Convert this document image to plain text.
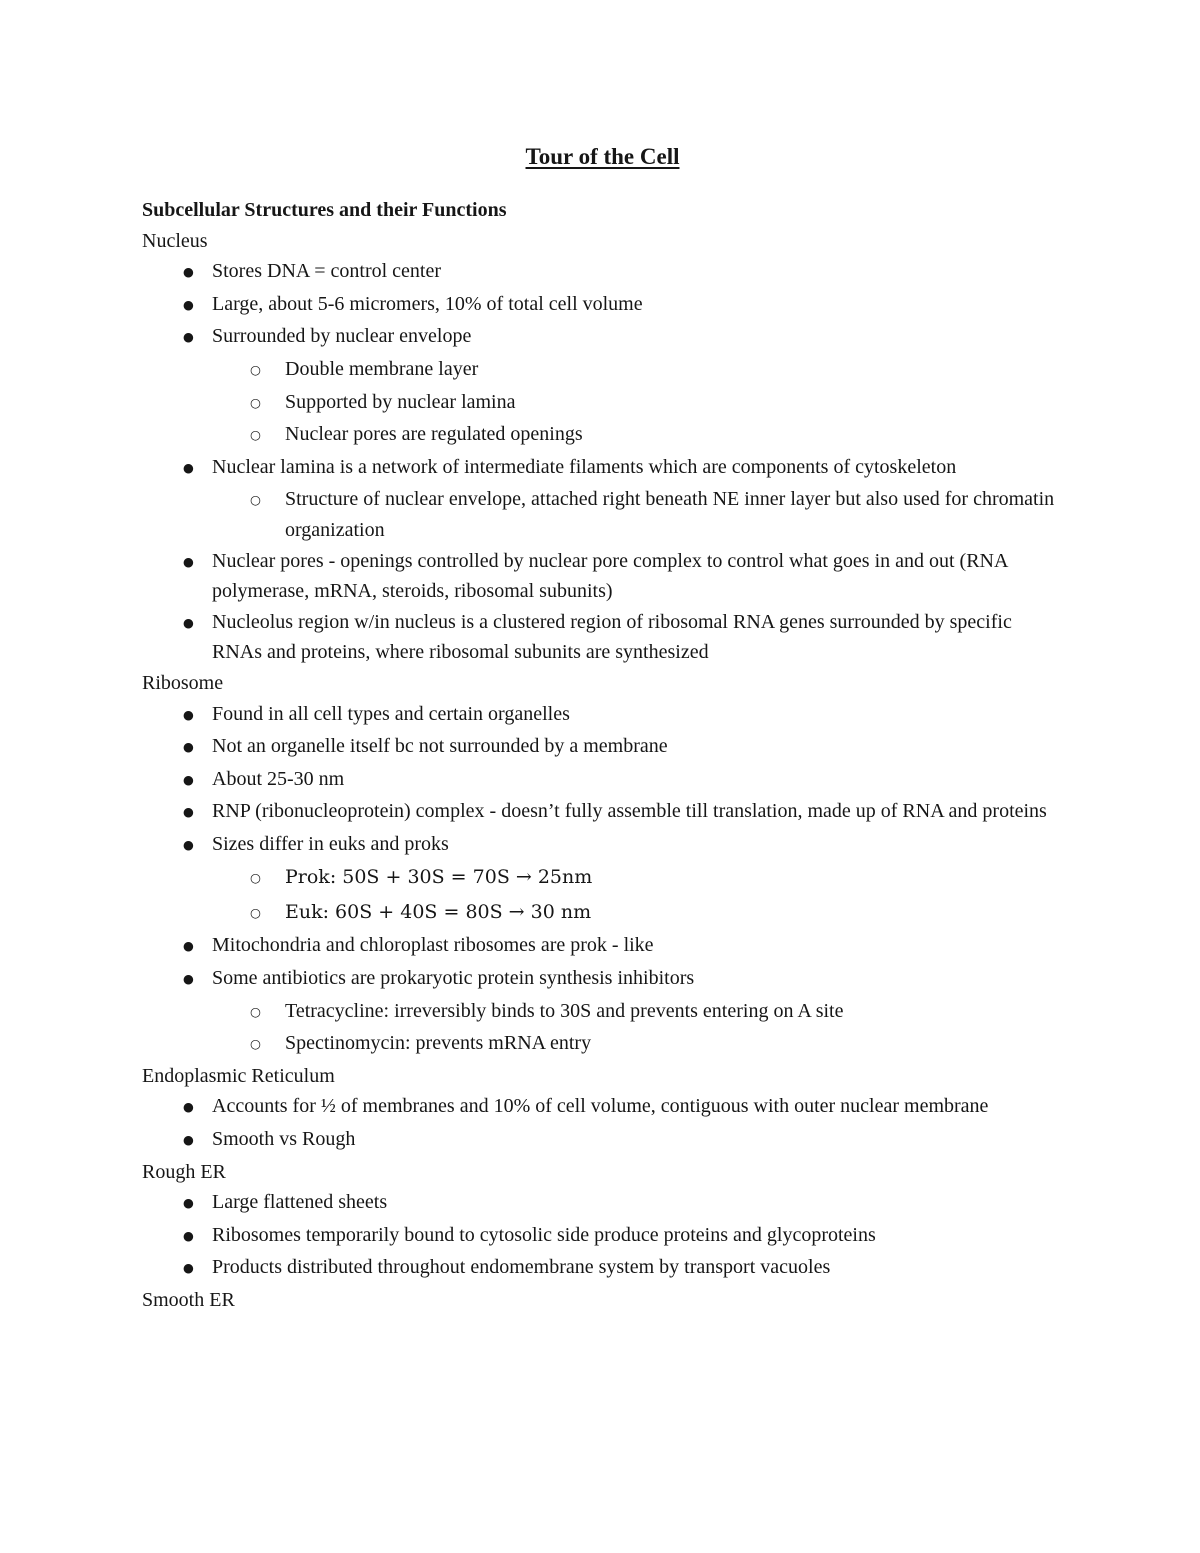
Tour of the Cell
Subcellular Structures and their Functions
Nucleus
● Stores DNA = control center
● Large, about 5-6 micromers, 10% of total cell volume
● Surrounded by nuclear envelope
○	Double membrane layer
○	Supported by nuclear lamina
○	Nuclear pores are regulated openings
● Nuclear lamina is a network of intermediate filaments which are components of cytoskeleton
○	Structure of nuclear envelope, attached right beneath NE inner layer but also used for chromatin organization
● Nuclear pores - openings controlled by nuclear pore complex to control what goes in and out (RNA polymerase, mRNA, steroids, ribosomal subunits)
● Nucleolus region w/in nucleus is a clustered region of ribosomal RNA genes surrounded by specific RNAs and proteins, where ribosomal subunits are synthesized
Ribosome
● Found in all cell types and certain organelles
● Not an organelle itself bc not surrounded by a membrane
● About 25-30 nm
● RNP (ribonucleoprotein) complex - doesn’t fully assemble till translation, made up of RNA and proteins
● Sizes differ in euks and proks
○	Prok: 50S + 30S = 70S → 25nm
○	Euk: 60S + 40S = 80S → 30 nm
● Mitochondria and chloroplast ribosomes are prok - like
● Some antibiotics are prokaryotic protein synthesis inhibitors
○	Tetracycline: irreversibly binds to 30S and prevents entering on A site
○	Spectinomycin: prevents mRNA entry
Endoplasmic Reticulum
● Accounts for ½ of membranes and 10% of cell volume, contiguous with outer nuclear membrane
● Smooth vs Rough
Rough ER
● Large flattened sheets
● Ribosomes temporarily bound to cytosolic side produce proteins and glycoproteins
● Products distributed throughout endomembrane system by transport vacuoles
Smooth ER
